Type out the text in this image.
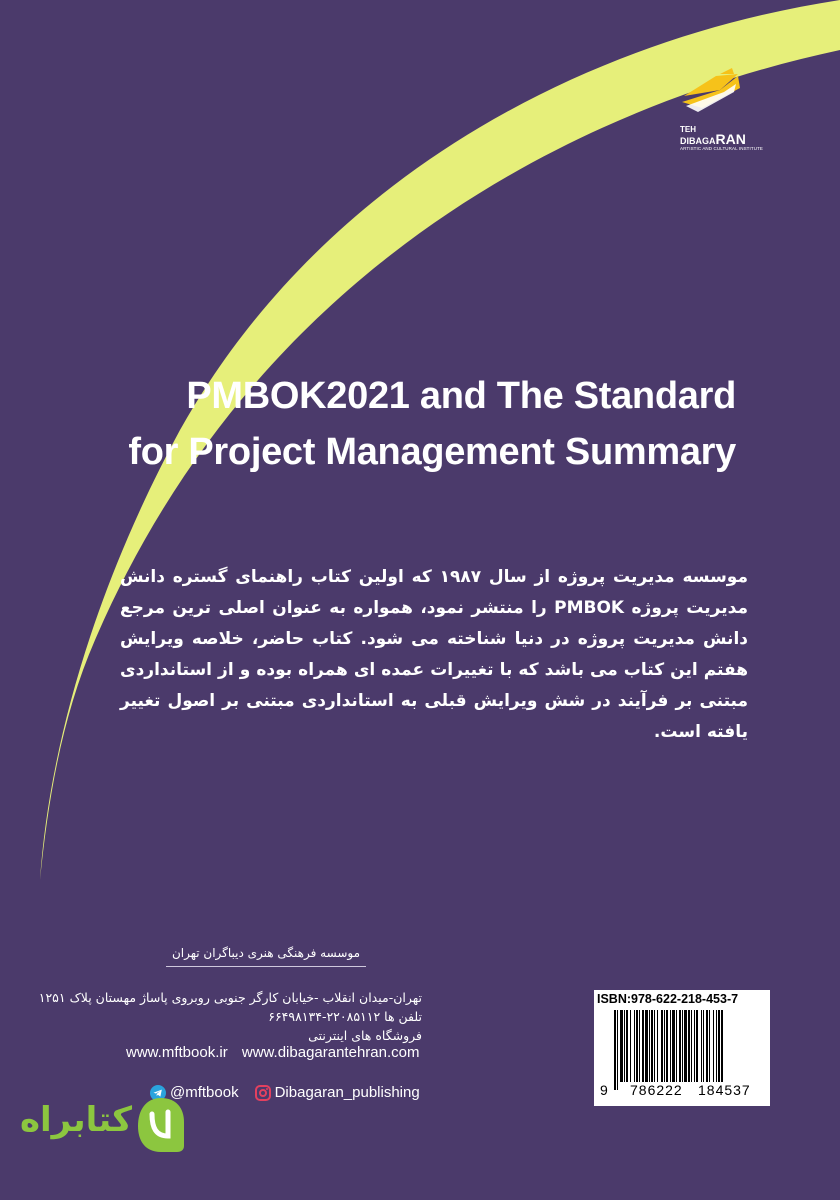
TEH
DIBAGARAN
ARTISTIC AND CULTURAL INSTITUTE
PMBOK2021 and The Standard
for Project Management Summary
موسسه مدیریت پروژه از سال ۱۹۸۷ که اولین کتاب راهنمای گستره دانش مدیریت پروژه PMBOK را منتشر نمود، همواره به عنوان اصلی ترین مرجع دانش مدیریت پروژه در دنیا شناخته می شود. کتاب حاضر، خلاصه ویرایش هفتم این کتاب می باشد که با تغییرات عمده ای همراه بوده و از استانداردی مبتنی بر فرآیند در شش ویرایش قبلی به استانداردی مبتنی بر اصول تغییر یافته است.
موسسه فرهنگی هنری دیباگران تهران
تهران-میدان انقلاب -خیابان کارگر جنوبی روبروی پاساژ مهستان پلاک ۱۲۵۱
تلفن ها ۲۲۰۸۵۱۱۲-۶۶۴۹۸۱۳۴
فروشگاه های اینترنتی
www.mftbook.ir www.dibagarantehran.com
@mftbook Dibagaran_publishing
ISBN:978-622-218-453-7
9 786222 184537
کتابراه
